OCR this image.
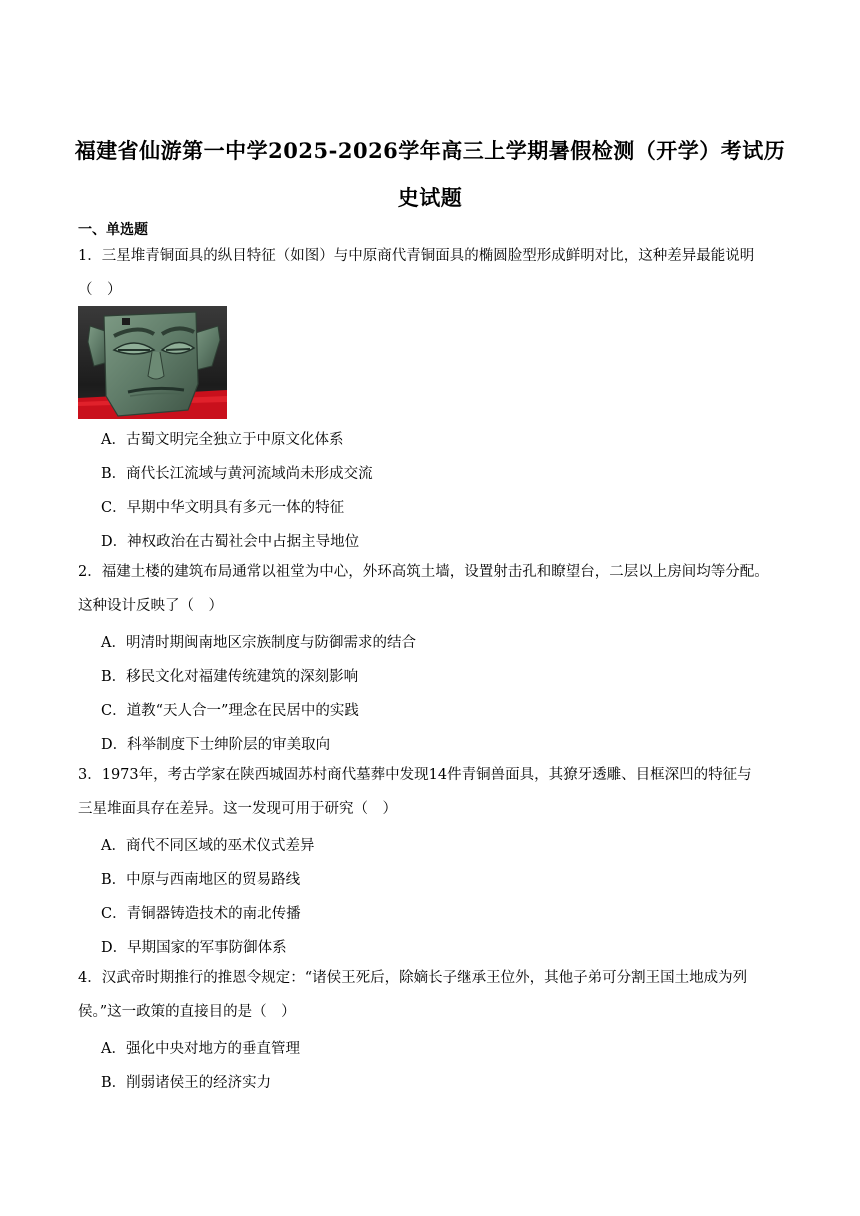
福建省仙游第一中学2025-2026学年高三上学期暑假检测（开学）考试历
史试题
一、单选题
1．三星堆青铜面具的纵目特征（如图）与中原商代青铜面具的椭圆脸型形成鲜明对比，这种差异最能说明
（　）
A．古蜀文明完全独立于中原文化体系
B．商代长江流域与黄河流域尚未形成交流
C．早期中华文明具有多元一体的特征
D．神权政治在古蜀社会中占据主导地位
2．福建土楼的建筑布局通常以祖堂为中心，外环高筑土墙，设置射击孔和瞭望台，二层以上房间均等分配。
这种设计反映了（　）
A．明清时期闽南地区宗族制度与防御需求的结合
B．移民文化对福建传统建筑的深刻影响
C．道教“天人合一”理念在民居中的实践
D．科举制度下士绅阶层的审美取向
3．1973年，考古学家在陕西城固苏村商代墓葬中发现14件青铜兽面具，其獠牙透雕、目框深凹的特征与
三星堆面具存在差异。这一发现可用于研究（　）
A．商代不同区域的巫术仪式差异
B．中原与西南地区的贸易路线
C．青铜器铸造技术的南北传播
D．早期国家的军事防御体系
4．汉武帝时期推行的推恩令规定：“诸侯王死后，除嫡长子继承王位外，其他子弟可分割王国土地成为列
侯。”这一政策的直接目的是（　）
A．强化中央对地方的垂直管理
B．削弱诸侯王的经济实力
